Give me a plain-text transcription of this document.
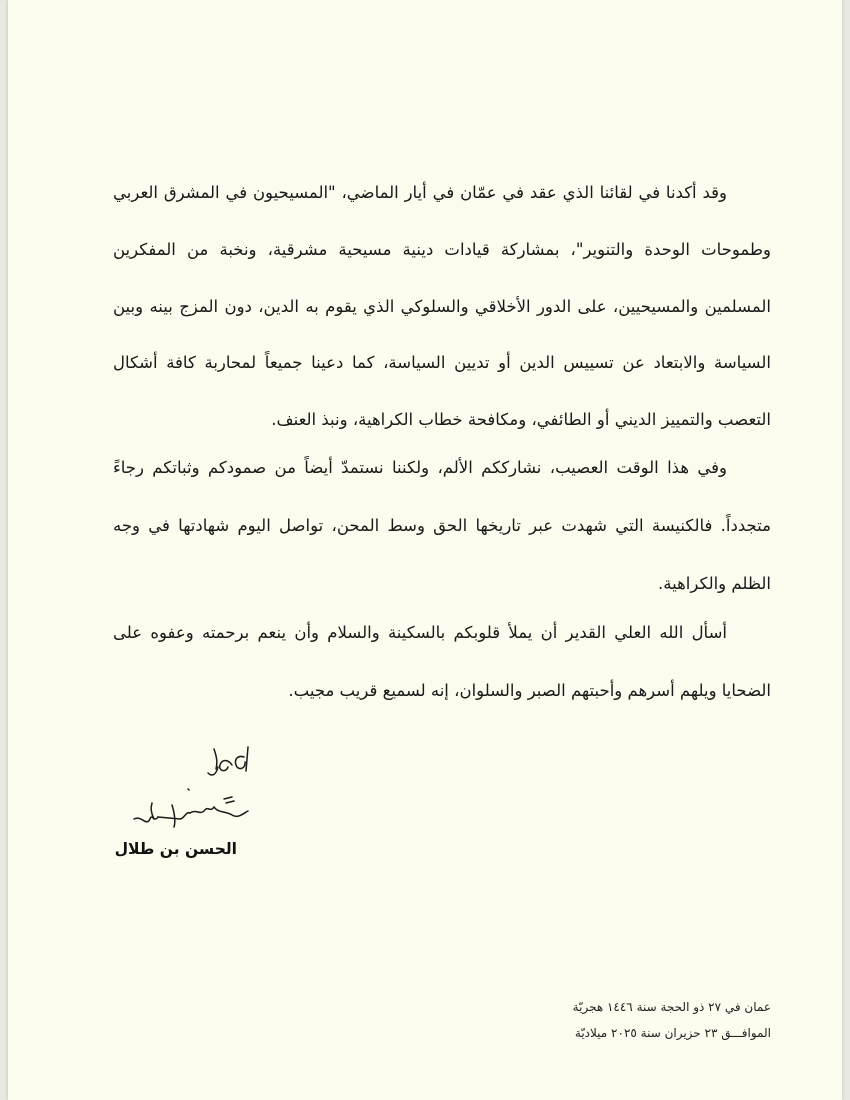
وقد أكدنا في لقائنا الذي عقد في عمّان في أيار الماضي، "المسيحيون في المشرق العربي وطموحات الوحدة والتنوير"، بمشاركة قيادات دينية مسيحية مشرقية، ونخبة من المفكرين المسلمين والمسيحيين، على الدور الأخلاقي والسلوكي الذي يقوم به الدين، دون المزج بينه وبين السياسة والابتعاد عن تسييس الدين أو تديين السياسة، كما دعينا جميعاً لمحاربة كافة أشكال التعصب والتمييز الديني أو الطائفي، ومكافحة خطاب الكراهية، ونبذ العنف.

وفي هذا الوقت العصيب، نشارككم الألم، ولكننا نستمدّ أيضاً من صمودكم وثباتكم رجاءً متجدداً. فالكنيسة التي شهدت عبر تاريخها الحق وسط المحن، تواصل اليوم شهادتها في وجه الظلم والكراهية.

أسأل الله العلي القدير أن يملأ قلوبكم بالسكينة والسلام وأن ينعم برحمته وعفوه على الضحايا ويلهم أسرهم وأحبتهم الصبر والسلوان، إنه لسميع قريب مجيب.

الحسن بن طلال
عمان في ٢٧ ذو الحجة سنة ١٤٤٦ هجريّة
الموافـــق ٢٣ حزيران سنة ٢٠٢٥ ميلاديّة
